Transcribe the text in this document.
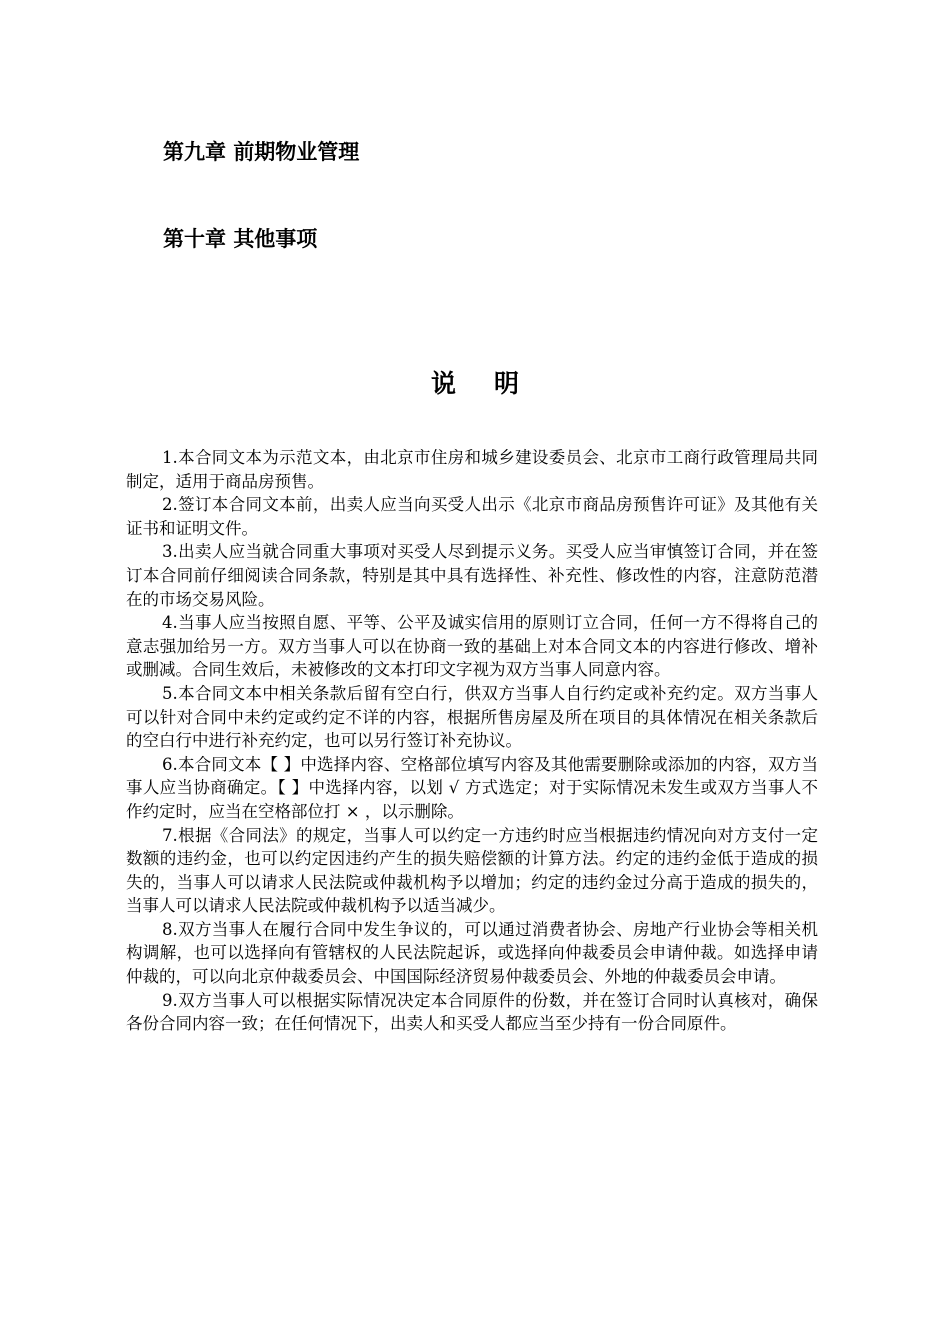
第九章 前期物业管理
第十章 其他事项
说明

1.本合同文本为示范文本，由北京市住房和城乡建设委员会、北京市工商行政管理局共同制定，适用于商品房预售。

2.签订本合同文本前，出卖人应当向买受人出示《北京市商品房预售许可证》及其他有关证书和证明文件。

3.出卖人应当就合同重大事项对买受人尽到提示义务。买受人应当审慎签订合同，并在签订本合同前仔细阅读合同条款，特别是其中具有选择性、补充性、修改性的内容，注意防范潜在的市场交易风险。

4.当事人应当按照自愿、平等、公平及诚实信用的原则订立合同，任何一方不得将自己的意志强加给另一方。双方当事人可以在协商一致的基础上对本合同文本的内容进行修改、增补或删减。合同生效后，未被修改的文本打印文字视为双方当事人同意内容。

5.本合同文本中相关条款后留有空白行，供双方当事人自行约定或补充约定。双方当事人可以针对合同中未约定或约定不详的内容，根据所售房屋及所在项目的具体情况在相关条款后的空白行中进行补充约定，也可以另行签订补充协议。

6.本合同文本【 】中选择内容、空格部位填写内容及其他需要删除或添加的内容，双方当事人应当协商确定。【 】中选择内容，以划 √ 方式选定；对于实际情况未发生或双方当事人不作约定时，应当在空格部位打 × ，以示删除。

7.根据《合同法》的规定，当事人可以约定一方违约时应当根据违约情况向对方支付一定数额的违约金，也可以约定因违约产生的损失赔偿额的计算方法。约定的违约金低于造成的损失的，当事人可以请求人民法院或仲裁机构予以增加；约定的违约金过分高于造成的损失的，当事人可以请求人民法院或仲裁机构予以适当减少。

8.双方当事人在履行合同中发生争议的，可以通过消费者协会、房地产行业协会等相关机构调解，也可以选择向有管辖权的人民法院起诉，或选择向仲裁委员会申请仲裁。如选择申请仲裁的，可以向北京仲裁委员会、中国国际经济贸易仲裁委员会、外地的仲裁委员会申请。

9.双方当事人可以根据实际情况决定本合同原件的份数，并在签订合同时认真核对，确保各份合同内容一致；在任何情况下，出卖人和买受人都应当至少持有一份合同原件。
